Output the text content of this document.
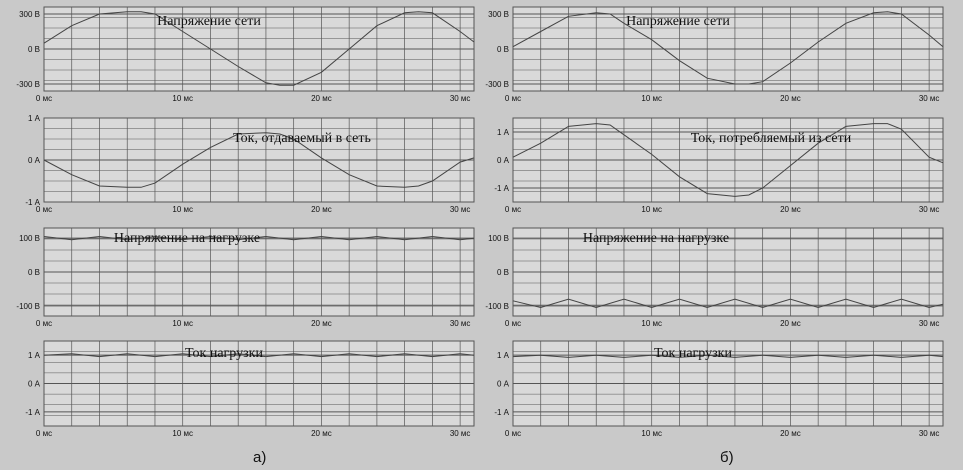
300 В
0 В
-300 В
0 мс	10 мс	20 мс	30 мс
Напряжение сети
1 А
0 А
-1 А
0 мс	10 мс	20 мс	30 мс
Ток, отдаваемый в сеть
100 В
0 В
-100 В
0 мс	10 мс	20 мс	30 мс
Напряжение на нагрузке
1 А
0 А
-1 А
0 мс	10 мс	20 мс	30 мс
Ток нагрузки
300 В
0 В
-300 В
0 мс	10 мс	20 мс	30 мс
Напряжение сети
1 А
0 А
-1 А
0 мс	10 мс	20 мс	30 мс
Ток, потребляемый из сети
100 В
0 В
-100 В
0 мс	10 мс	20 мс	30 мс
Напряжение на нагрузке
1 А
0 А
-1 А
0 мс	10 мс	20 мс	30 мс
Ток нагрузки
а)	б)
